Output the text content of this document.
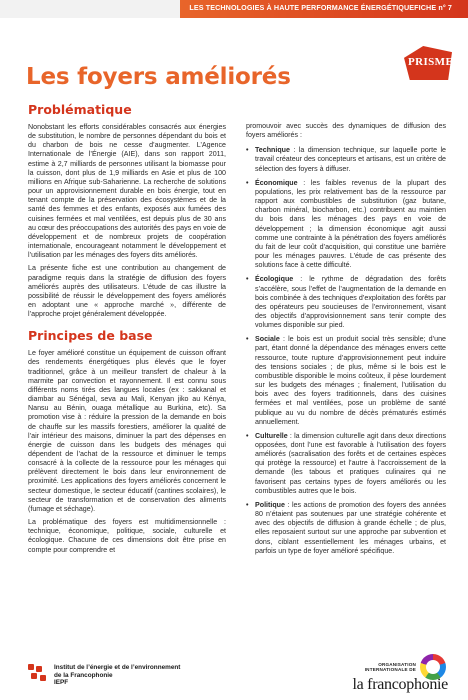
LES TECHNOLOGIES À HAUTE PERFORMANCE ÉNERGÉTIQUEFICHE n° 7
PRISME
Les foyers améliorés
Problématique

Nonobstant les efforts considérables consacrés aux énergies de substitution, le nombre de personnes dépendant du bois et du charbon de bois ne cesse d’augmenter. L’Agence Internationale de l’Énergie (AIE), dans son rapport 2011, estime à 2,7 milliards de personnes utilisant la biomasse pour la cuisson, dont plus de 1,9 milliards en Asie et plus de 100 millions en Afrique sub-Saharienne. La recherche de solutions pour un approvisionnement durable en bois énergie, tout en tenant compte de la préservation des écosystèmes et de la santé des femmes et des enfants, exposés aux fumées des cuisines fermées et mal ventilées, est depuis plus de 30 ans au cœur des préoccupations des autorités des pays en voie de développement et de nombreux projets de coopération internationale, encourageant notamment le développement et l’utilisation par les ménages des foyers dits améliorés.

La présente fiche est une contribution au changement de paradigme requis dans la stratégie de diffusion des foyers améliorés auprès des utilisateurs. L’étude de cas illustre la possibilité de réussir le développement des foyers améliorés en adoptant une « approche marché », différente de l’approche projet généralement développée.

Principes de base

Le foyer amélioré constitue un équipement de cuisson offrant des rendements énergétiques plus élevés que le foyer traditionnel, grâce à un meilleur transfert de chaleur à la marmite par convection et rayonnement. Il est connu sous différents noms tirés des langues locales (ex : sakkanal et diambar au Sénégal, seva au Mali, Kenyan jiko au Kénya, Nansu au Bénin, ouaga métallique au Burkina, etc). Sa promotion vise à : réduire la pression de la demande en bois de chauffe sur les massifs forestiers, améliorer la qualité de l’air intérieur des maisons, diminuer la part des dépenses en énergie de cuisson dans les budgets des ménages qui dépendent de l’achat de la ressource et diminuer le temps consacré à la collecte de la ressource pour les ménages qui prélèvent directement le bois dans leur environnement de proximité. Les applications des foyers améliorés concernent le secteur domestique, le secteur éducatif (cantines scolaires), le secteur de transformation et de conservation des aliments (fumage et séchage).

La problématique des foyers est multidimensionnelle : technique, économique, politique, sociale, culturelle et écologique. Chacune de ces dimensions doit être prise en compte pour comprendre et

promouvoir avec succès des dynamiques de diffusion des foyers améliorés :

• Technique : la dimension technique, sur laquelle porte le travail créateur des concepteurs et artisans, est un critère de sélection des foyers à diffuser.
• Économique : les faibles revenus de la plupart des populations, les prix relativement bas de la ressource par rapport aux combustibles de substitution (gaz butane, charbon minéral, biocharbon, etc.) contribuent au maintien du bois dans les ménages des pays en voie de développement ; la dimension économique agit aussi comme une contrainte à la pénétration des foyers améliorés du fait de leur coût d’acquisition, qui constitue une barrière pour les ménages pauvres. L’étude de cas présente des solutions face à cette difficulté.
• Écologique : le rythme de dégradation des forêts s’accélère, sous l’effet de l’augmentation de la demande en bois combinée à des techniques d’exploitation des forêts par des opérateurs peu soucieuses de l’environnement, visant des objectifs d’approvisionnement sans tenir compte des volumes disponible sur pied.
• Sociale : le bois est un produit social très sensible; d’une part, étant donné la dépendance des ménages envers cette ressource, toute rupture d’approvisionnement peut induire des tensions sociales ; de plus, même si le bois est le combustible disponible le moins coûteux, il pèse lourdement sur les budgets des ménages ; finalement, l’utilisation du bois avec des foyers traditionnels, dans des cuisines fermées et mal ventilées, pose un problème de santé publique au vu du nombre de décès prématurés estimés annuellement.
• Culturelle : la dimension culturelle agit dans deux directions opposées, dont l’une est favorable à l’utilisation des foyers améliorés (sacralisation des forêts et de certaines espèces qui protège la ressource) et l’autre à l’accroissement de la demande (les tabous et pratiques culinaires qui ne favorisent pas certains types de foyers améliorés ou les combustibles autres que le bois.
• Politique : les actions de promotion des foyers des années 80 n’étaient pas soutenues par une stratégie cohérente et avec des objectifs de diffusion à grande échelle ; de plus, elles reposaient surtout sur une approche par subvention et dons, ciblant essentiellement les ménages urbains, et parfois un type de foyer amélioré spécifique.
Institut de l’énergie et de l’environnement
de la Francophonie
IEPF
ORGANISATION
INTERNATIONALE DE
la francophonie
